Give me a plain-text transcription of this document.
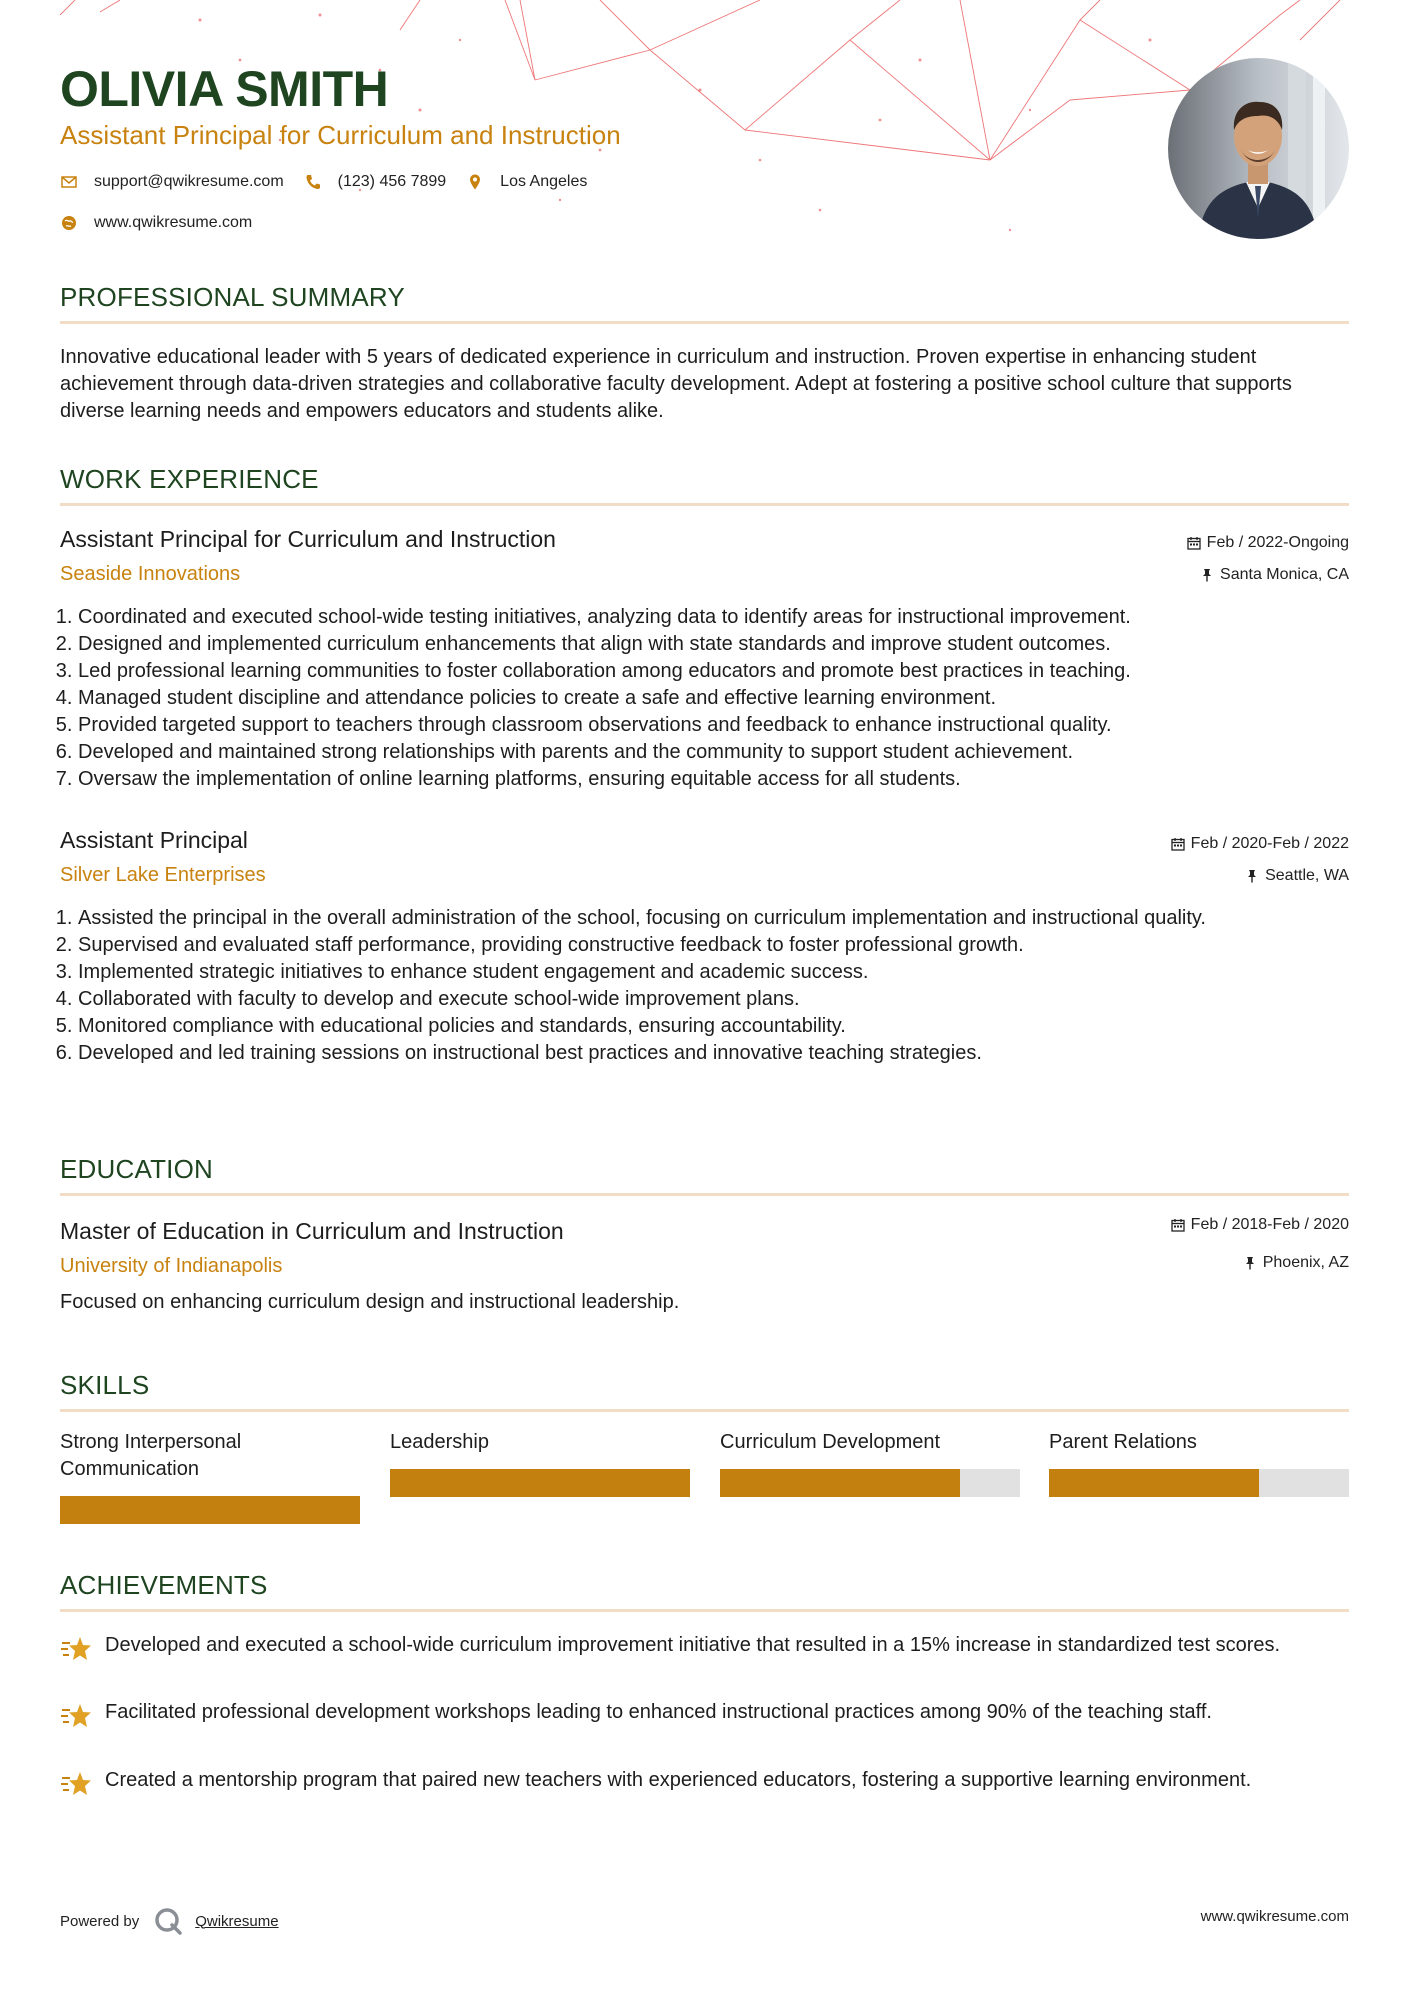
OLIVIA SMITH
Assistant Principal for Curriculum and Instruction
support@qwikresume.com	(123) 456 7899	Los Angeles
www.qwikresume.com
PROFESSIONAL SUMMARY
Innovative educational leader with 5 years of dedicated experience in curriculum and instruction. Proven expertise in enhancing student achievement through data-driven strategies and collaborative faculty development. Adept at fostering a positive school culture that supports diverse learning needs and empowers educators and students alike.
WORK EXPERIENCE
Assistant Principal for Curriculum and Instruction	Feb / 2022-Ongoing
Seaside Innovations	Santa Monica, CA
1. Coordinated and executed school-wide testing initiatives, analyzing data to identify areas for instructional improvement.
2. Designed and implemented curriculum enhancements that align with state standards and improve student outcomes.
3. Led professional learning communities to foster collaboration among educators and promote best practices in teaching.
4. Managed student discipline and attendance policies to create a safe and effective learning environment.
5. Provided targeted support to teachers through classroom observations and feedback to enhance instructional quality.
6. Developed and maintained strong relationships with parents and the community to support student achievement.
7. Oversaw the implementation of online learning platforms, ensuring equitable access for all students.
Assistant Principal	Feb / 2020-Feb / 2022
Silver Lake Enterprises	Seattle, WA
1. Assisted the principal in the overall administration of the school, focusing on curriculum implementation and instructional quality.
2. Supervised and evaluated staff performance, providing constructive feedback to foster professional growth.
3. Implemented strategic initiatives to enhance student engagement and academic success.
4. Collaborated with faculty to develop and execute school-wide improvement plans.
5. Monitored compliance with educational policies and standards, ensuring accountability.
6. Developed and led training sessions on instructional best practices and innovative teaching strategies.
EDUCATION
Master of Education in Curriculum and Instruction	Feb / 2018-Feb / 2020
University of Indianapolis	Phoenix, AZ
Focused on enhancing curriculum design and instructional leadership.
SKILLS
Strong Interpersonal Communication
Leadership	Curriculum Development	Parent Relations
ACHIEVEMENTS
Developed and executed a school-wide curriculum improvement initiative that resulted in a 15% increase in standardized test scores.
Facilitated professional development workshops leading to enhanced instructional practices among 90% of the teaching staff.
Created a mentorship program that paired new teachers with experienced educators, fostering a supportive learning environment.
Powered by	Qwikresume	www.qwikresume.com
